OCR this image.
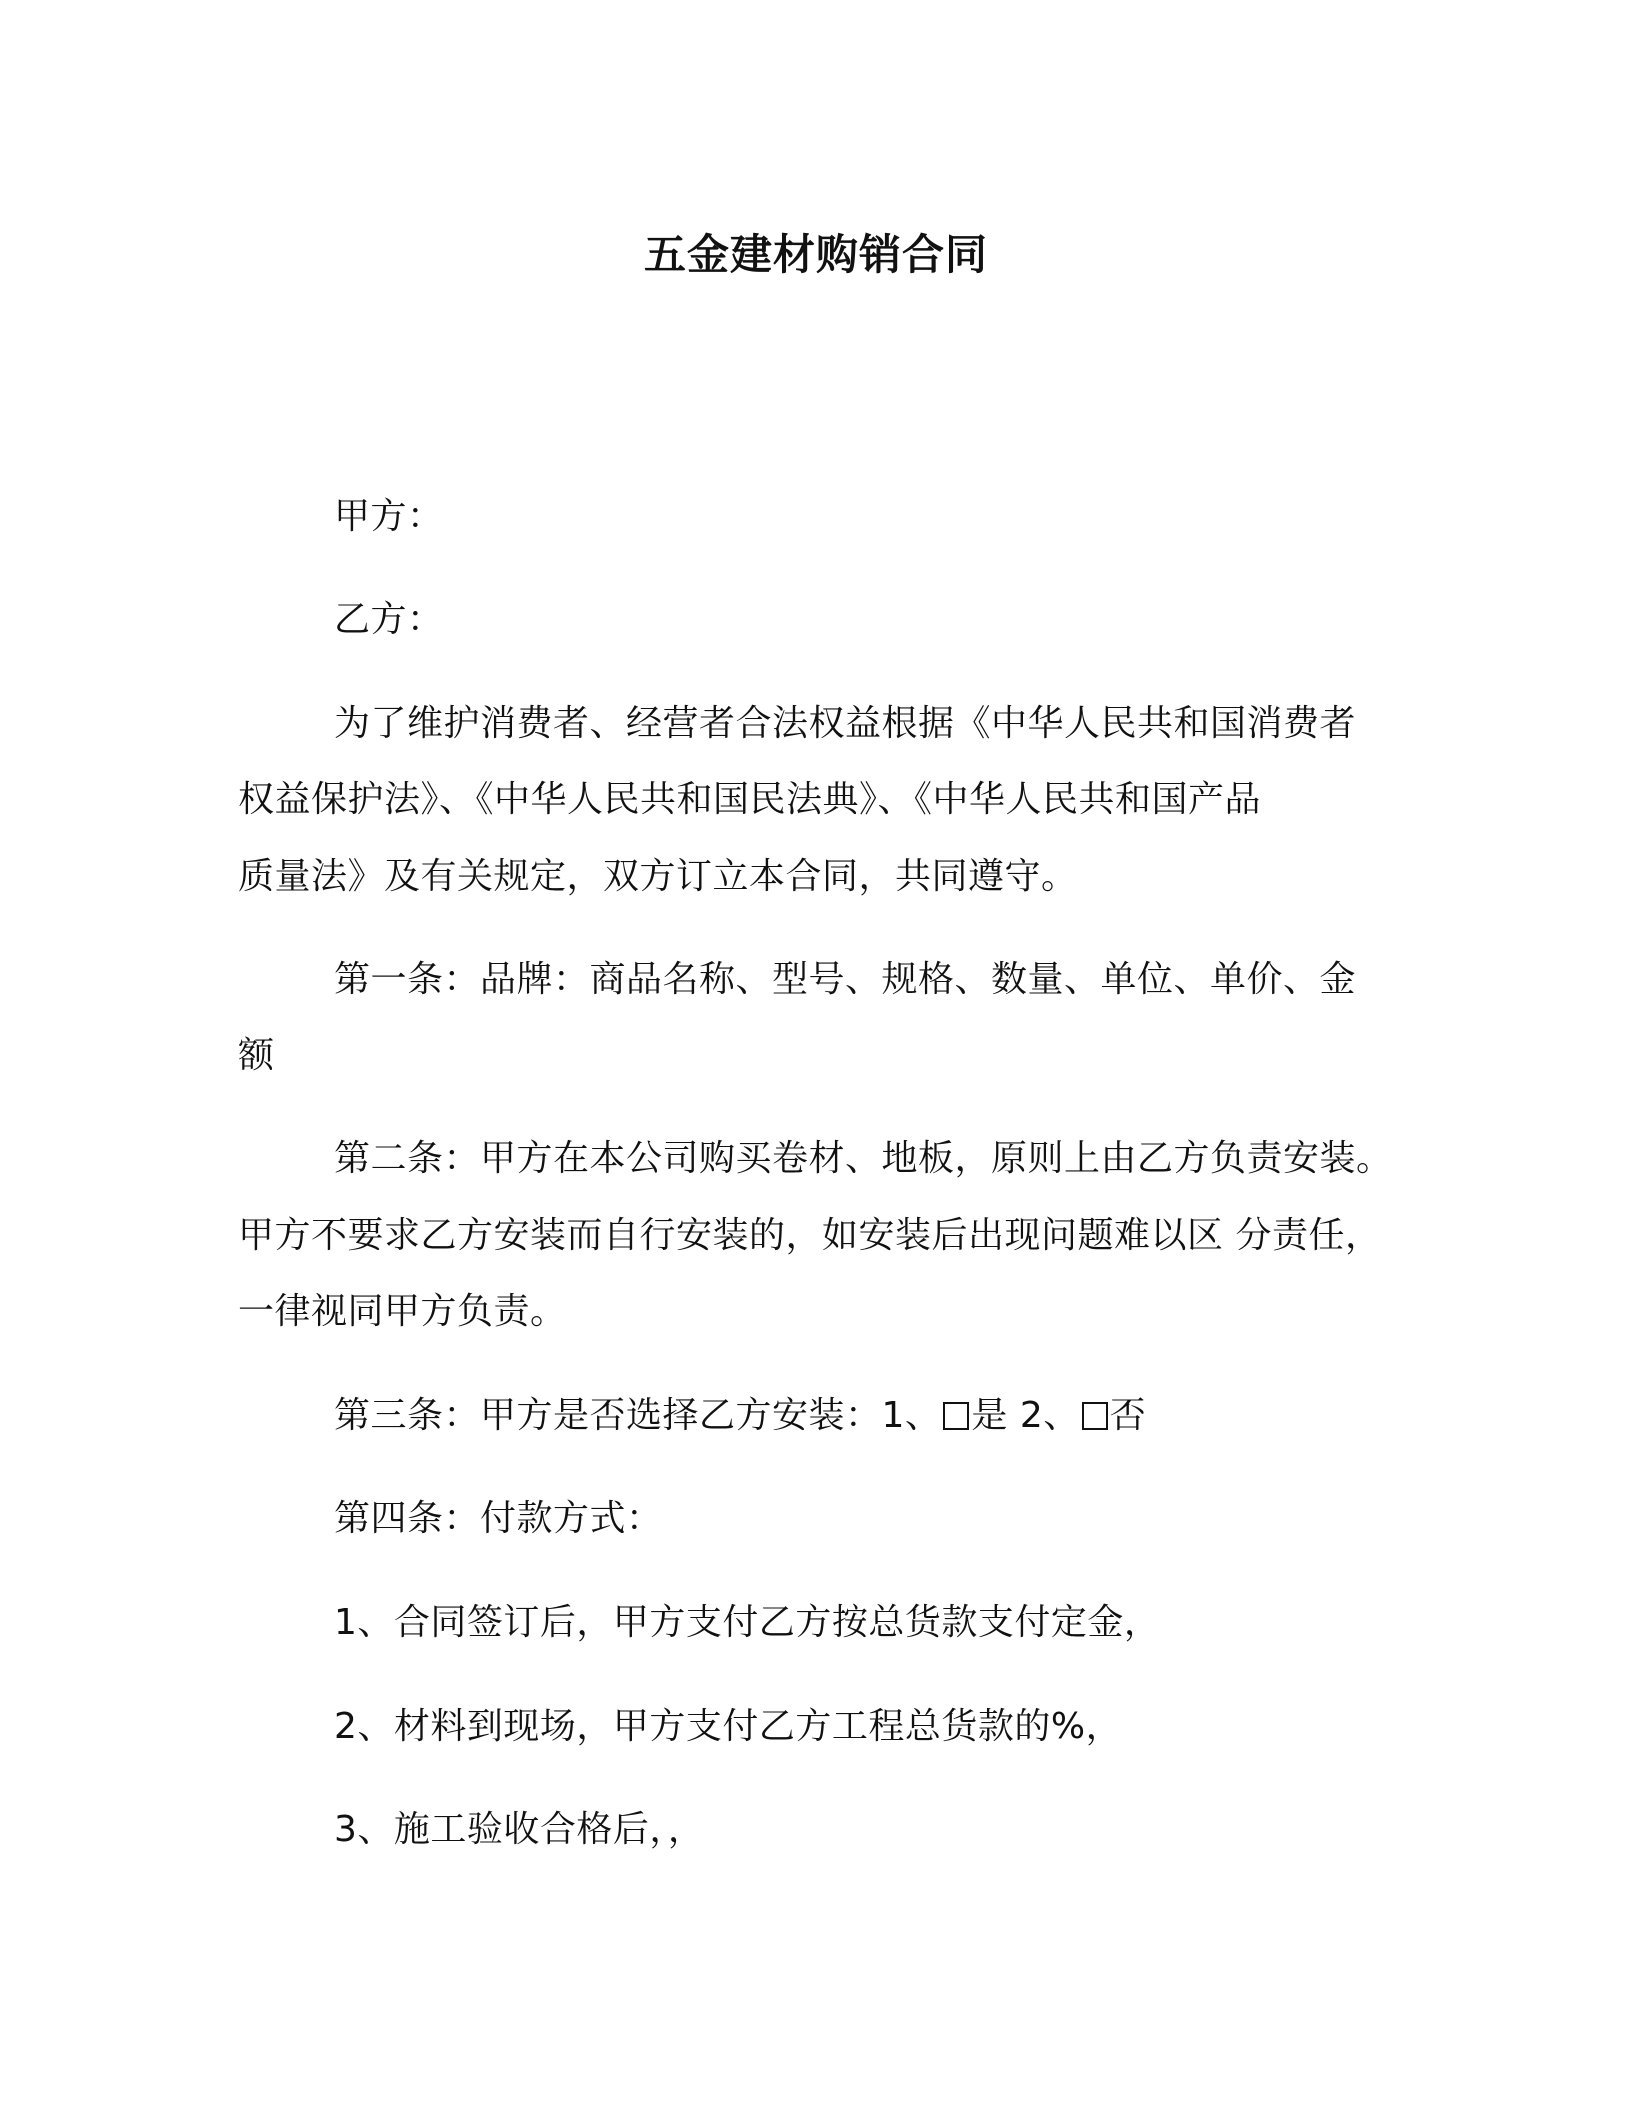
五金建材购销合同
甲方：
乙方：
为了维护消费者、经营者合法权益根据《中华人民共和国消费者
权益保护法》、《中华人民共和国民法典》、《中华人民共和国产品
质量法》及有关规定，双方订立本合同，共同遵守。
第一条：品牌：商品名称、型号、规格、数量、单位、单价、金
额
第二条：甲方在本公司购买卷材、地板，原则上由乙方负责安装。
甲方不要求乙方安装而自行安装的，如安装后出现问题难以区 分责任，
一律视同甲方负责。
第三条：甲方是否选择乙方安装：1、 是 2、 否
第四条：付款方式：
1、合同签订后，甲方支付乙方按总货款支付定金，
2、材料到现场，甲方支付乙方工程总货款的%，
3、施工验收合格后，，
